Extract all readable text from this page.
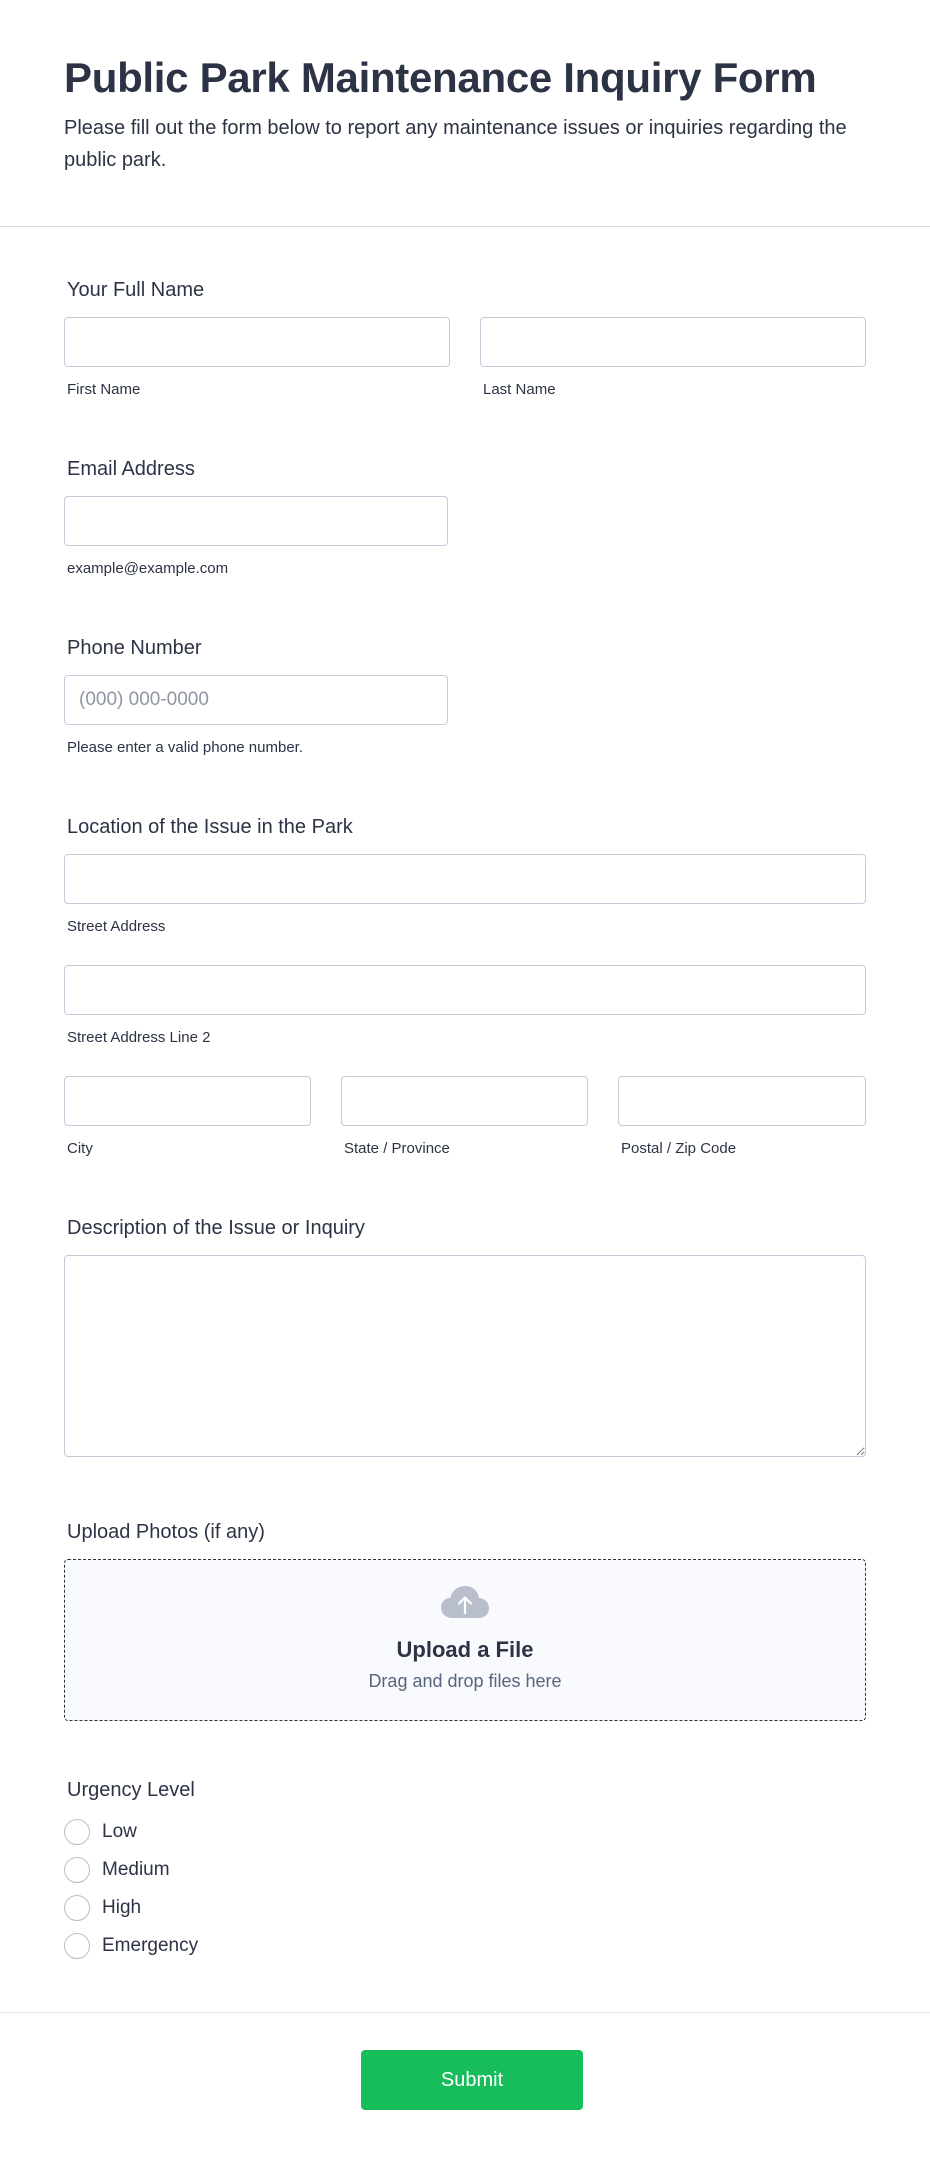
Public Park Maintenance Inquiry Form

Please fill out the form below to report any maintenance issues or inquiries regarding the public park.

Your Full Name
First Name	Last Name
Email Address
example@example.com
Phone Number
(000) 000-0000
Please enter a valid phone number.
Location of the Issue in the Park
Street Address
Street Address Line 2
City	State / Province	Postal / Zip Code
Description of the Issue or Inquiry
Upload Photos (if any)
Upload a File
Drag and drop files here
Urgency Level
Low
Medium
High
Emergency
Submit
